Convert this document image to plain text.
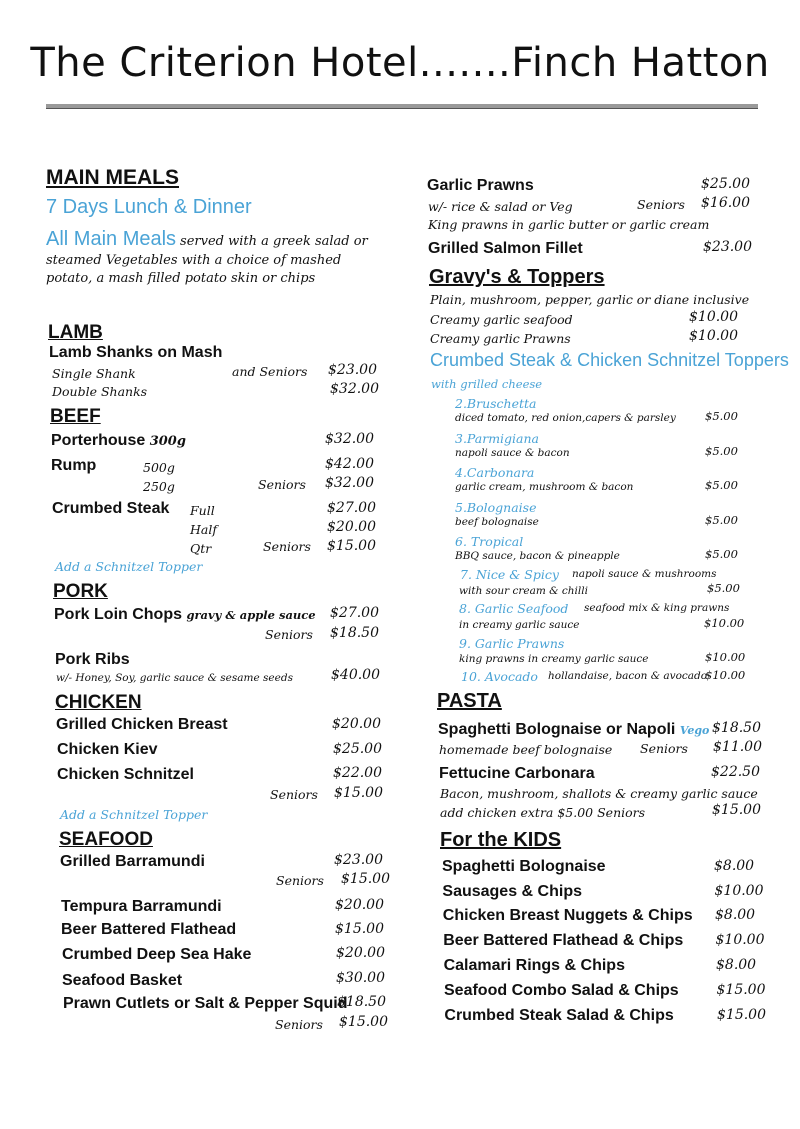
The Criterion Hotel.......Finch Hatton
MAIN MEALS
7 Days Lunch & Dinner
All Main Meals served with a greek salad or
steamed Vegetables with a choice of mashed
potato, a mash filled potato skin or chips
LAMB
Lamb Shanks on Mash
Single Shank	and Seniors $23.00
Double Shanks	$32.00
BEEF
Porterhouse 300g	$32.00
Rump	500g	$42.00
250g	Seniors $32.00
Crumbed Steak Full	$27.00
Half	$20.00
Qtr	Seniors $15.00
Add a Schnitzel Topper
PORK
Pork Loin Chops gravy & apple sauce $27.00
Seniors $18.50
Pork Ribs
w/- Honey, Soy, garlic sauce & sesame seeds	$40.00
CHICKEN
Grilled Chicken Breast	$20.00
Chicken Kiev	$25.00
Chicken Schnitzel	$22.00
Seniors $15.00
Add a Schnitzel Topper
SEAFOOD
Grilled Barramundi	$23.00
Seniors $15.00
Tempura Barramundi	$20.00
Beer Battered Flathead	$15.00
Crumbed Deep Sea Hake	$20.00
Seafood Basket	$30.00
Prawn Cutlets or Salt & Pepper Squid
$18.50
Seniors $15.00
Garlic Prawns	$25.00
w/- rice & salad or Veg	Seniors $16.00
King prawns in garlic butter or garlic cream
Grilled Salmon Fillet	$23.00
Gravy's & Toppers
Plain, mushroom, pepper, garlic or diane inclusive
Creamy garlic seafood	$10.00
Creamy garlic Prawns	$10.00
Crumbed Steak & Chicken Schnitzel Toppers
with grilled cheese
2.Bruschetta
diced tomato, red onion,capers & parsley	$5.00
3.Parmigiana
napoli sauce & bacon	$5.00
4.Carbonara
garlic cream, mushroom & bacon	$5.00
5.Bolognaise
beef bolognaise	$5.00
6. Tropical
BBQ sauce, bacon & pineapple	$5.00
7. Nice & Spicy napoli sauce & mushrooms
with sour cream & chilli	$5.00
8. Garlic Seafood seafood mix & king prawns
in creamy garlic sauce	$10.00
9. Garlic Prawns
king prawns in creamy garlic sauce	$10.00
10. Avocado hollandaise, bacon & avocado
$10.00
PASTA
Spaghetti Bolognaise or Napoli Vego $18.50
homemade beef bolognaise Seniors $11.00
Fettucine Carbonara	$22.50
Bacon, mushroom, shallots & creamy garlic sauce
add chicken extra $5.00 Seniors	$15.00
For the KIDS
Spaghetti Bolognaise	$8.00
Sausages & Chips	$10.00
Chicken Breast Nuggets & Chips $8.00
Beer Battered Flathead & Chips $10.00
Calamari Rings & Chips	$8.00
Seafood Combo Salad & Chips	$15.00
Crumbed Steak Salad & Chips	$15.00
